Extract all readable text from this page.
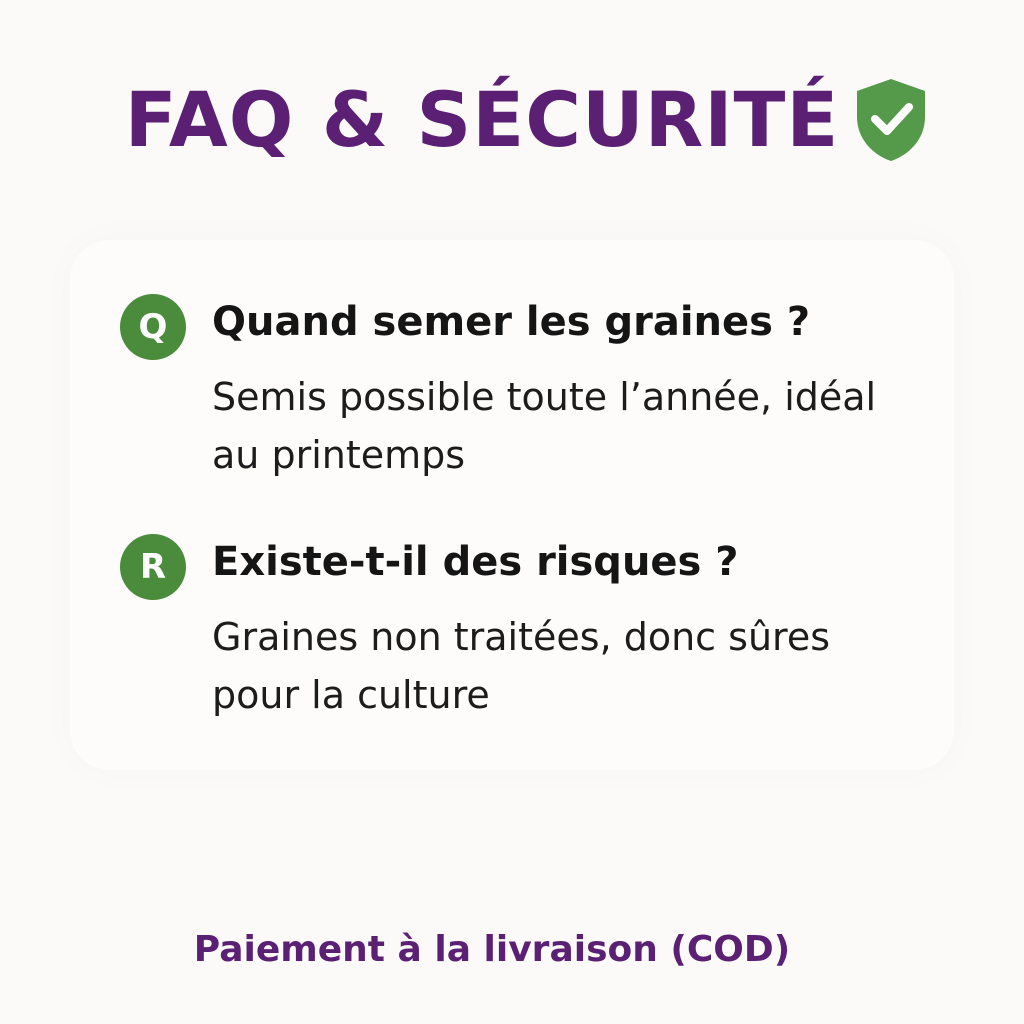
FAQ & SÉCURITÉ
Q	Quand semer les graines ?

Semis possible toute l’année, idéal au printemps

R	Existe-t-il des risques ?

Graines non traitées, donc sûres pour la culture

Paiement à la livraison (COD)
